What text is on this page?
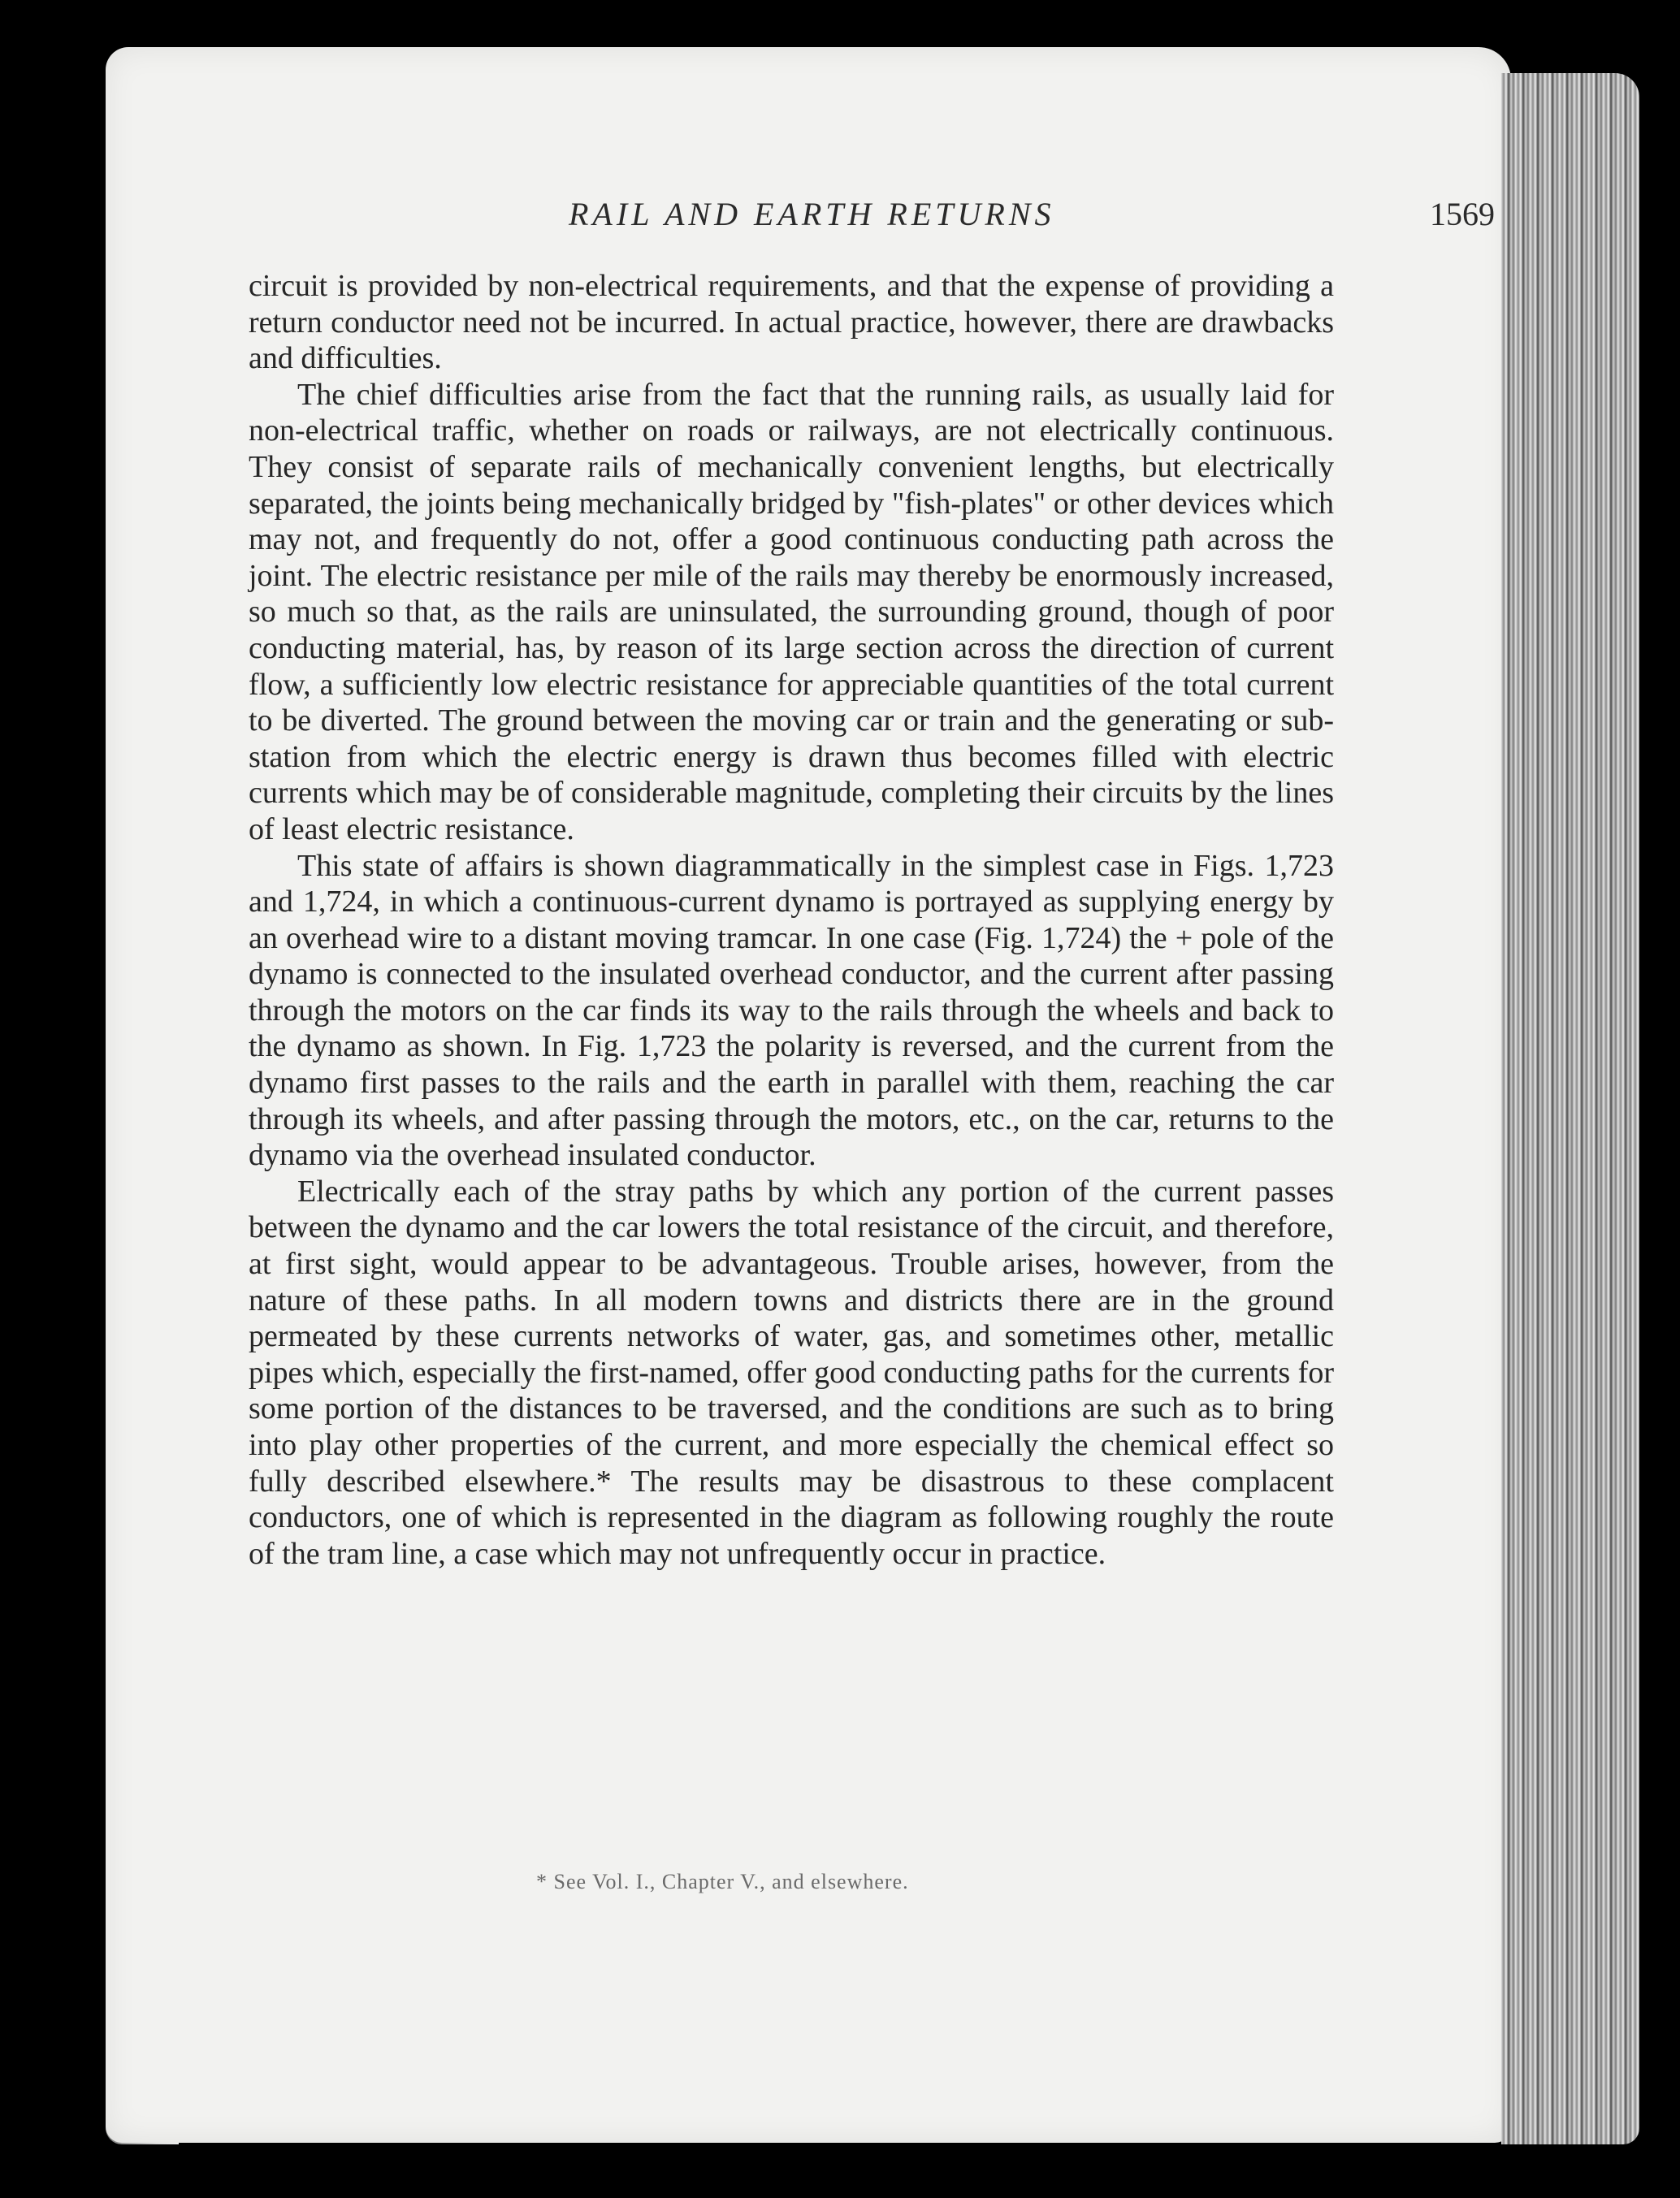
RAIL AND EARTH RETURNS	1569

circuit is provided by non-electrical requirements, and that the expense of providing a return conductor need not be incurred. In actual practice, however, there are drawbacks and difficulties.

The chief difficulties arise from the fact that the running rails, as usually laid for non-electrical traffic, whether on roads or railways, are not electrically continuous. They consist of separate rails of mechanically convenient lengths, but electrically separated, the joints being mechanically bridged by "fish-plates" or other devices which may not, and frequently do not, offer a good continuous conducting path across the joint. The electric resistance per mile of the rails may thereby be enormously increased, so much so that, as the rails are uninsulated, the surrounding ground, though of poor conducting material, has, by reason of its large section across the direction of current flow, a sufficiently low electric resistance for appreciable quantities of the total current to be diverted. The ground between the moving car or train and the generating or sub-station from which the electric energy is drawn thus becomes filled with electric currents which may be of considerable magnitude, completing their circuits by the lines of least electric resistance.

This state of affairs is shown diagrammatically in the simplest case in Figs. 1,723 and 1,724, in which a continuous-current dynamo is portrayed as supplying energy by an overhead wire to a distant moving tramcar. In one case (Fig. 1,724) the + pole of the dynamo is connected to the insulated overhead conductor, and the current after passing through the motors on the car finds its way to the rails through the wheels and back to the dynamo as shown. In Fig. 1,723 the polarity is reversed, and the current from the dynamo first passes to the rails and the earth in parallel with them, reaching the car through its wheels, and after passing through the motors, etc., on the car, returns to the dynamo via the overhead insulated conductor.

Electrically each of the stray paths by which any portion of the current passes between the dynamo and the car lowers the total resistance of the circuit, and therefore, at first sight, would appear to be advantageous. Trouble arises, however, from the nature of these paths. In all modern towns and districts there are in the ground permeated by these currents networks of water, gas, and sometimes other, metallic pipes which, especially the first-named, offer good conducting paths for the currents for some portion of the distances to be traversed, and the conditions are such as to bring into play other properties of the current, and more especially the chemical effect so fully described elsewhere.* The results may be disastrous to these complacent conductors, one of which is represented in the diagram as following roughly the route of the tram line, a case which may not unfrequently occur in practice.

* See Vol. I., Chapter V., and elsewhere.
